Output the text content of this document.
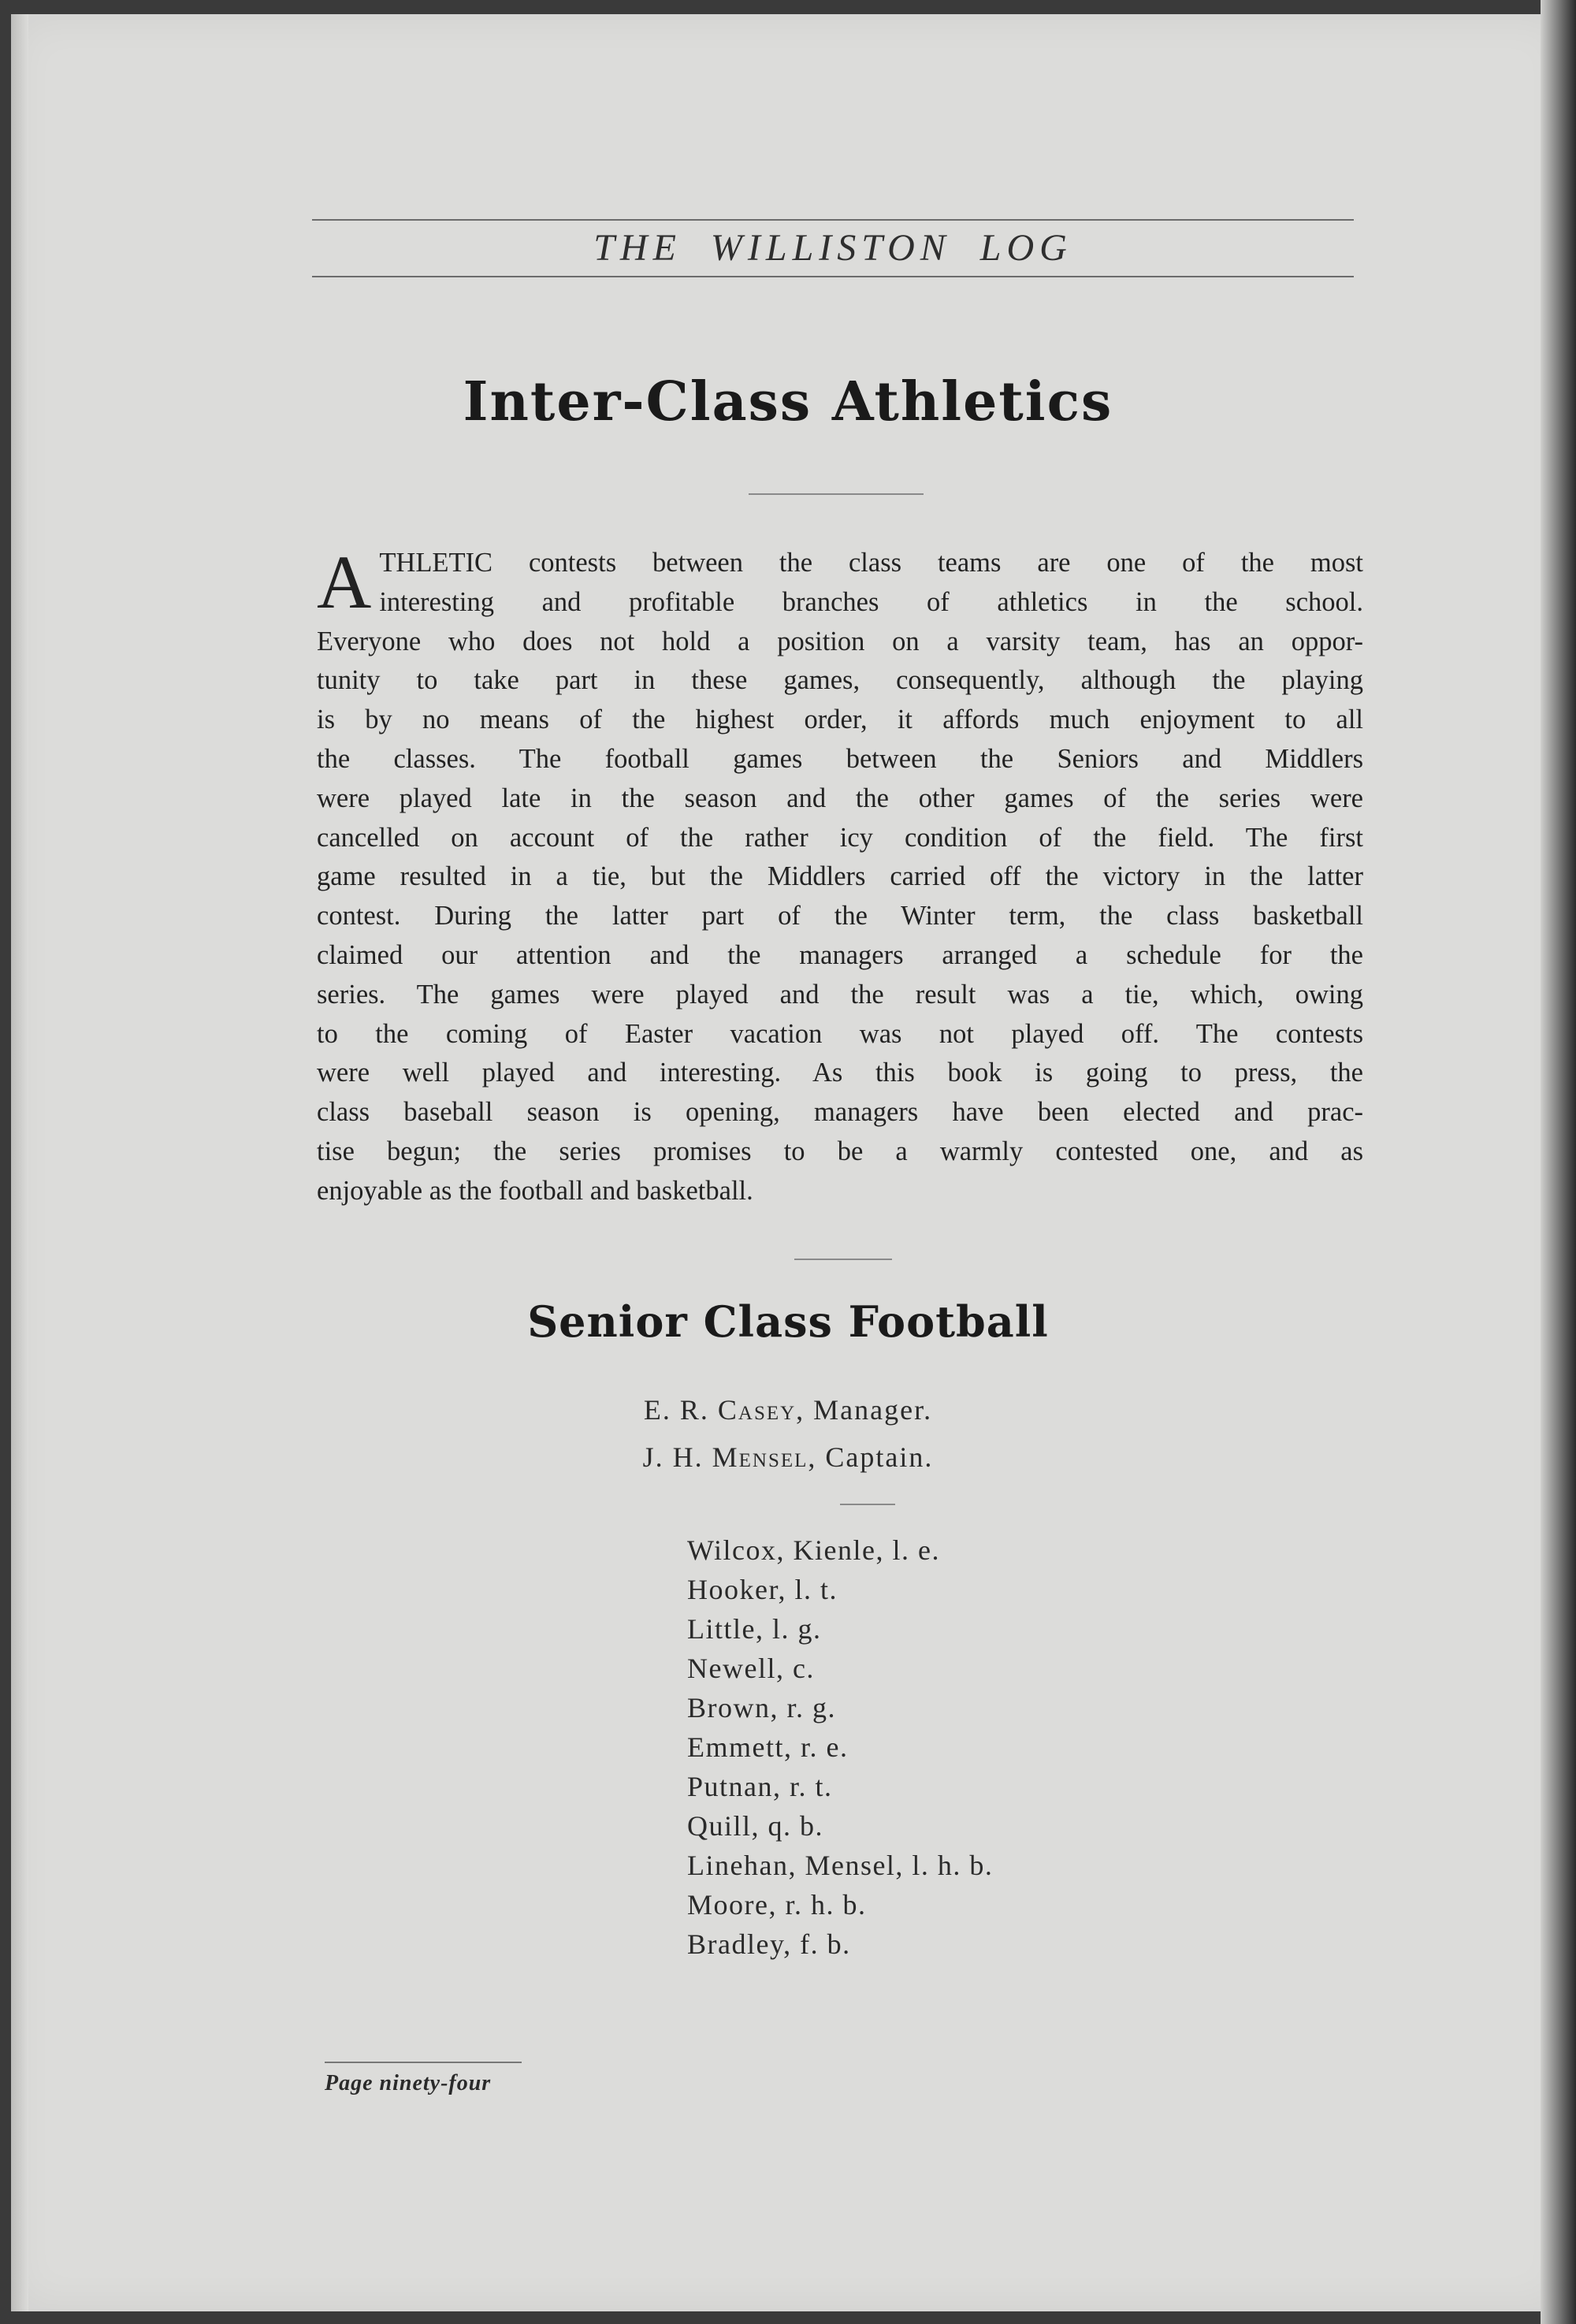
THE WILLISTON LOG
Inter-Class Athletics
A THLETIC contests between the class teams are one of the most
interesting and profitable branches of athletics in the school.
Everyone who does not hold a position on a varsity team, has an oppor-
tunity to take part in these games, consequently, although the playing
is by no means of the highest order, it affords much enjoyment to all
the classes. The football games between the Seniors and Middlers
were played late in the season and the other games of the series were
cancelled on account of the rather icy condition of the field. The first
game resulted in a tie, but the Middlers carried off the victory in the latter
contest. During the latter part of the Winter term, the class basketball
claimed our attention and the managers arranged a schedule for the
series. The games were played and the result was a tie, which, owing
to the coming of Easter vacation was not played off. The contests
were well played and interesting. As this book is going to press, the
class baseball season is opening, managers have been elected and prac-
tise begun; the series promises to be a warmly contested one, and as
enjoyable as the football and basketball.
Senior Class Football
E. R. Casey, Manager.
J. H. Mensel, Captain.
Wilcox, Kienle, l. e.
Hooker, l. t.
Little, l. g.
Newell, c.
Brown, r. g.
Emmett, r. e.
Putnan, r. t.
Quill, q. b.
Linehan, Mensel, l. h. b.
Moore, r. h. b.
Bradley, f. b.
Page ninety-four
